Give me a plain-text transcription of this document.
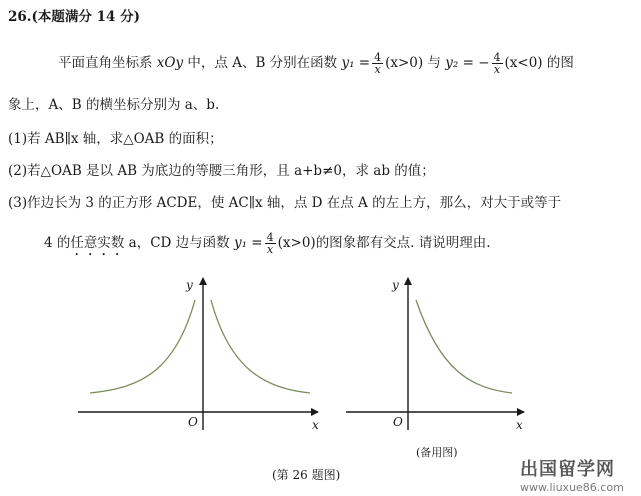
26.(本题满分 14 分)
平面直角坐标系 xOy 中，点 A、B 分别在函数 $y_1 = \frac{4}{x} (x>0)$ 与 y₂ = − $\frac{4}{x} (x<0)$ 的图
象上，A、B 的横坐标分别为 a、b.
(1)若 AB∥x 轴，求△OAB 的面积；
(2)若△OAB 是以 AB 为底边的等腰三角形，且 a+b≠0，求 ab 的值；
(3)作边长为 3 的正方形 ACDE，使 AC∥x 轴，点 D 在点 A 的左上方，那么，对大于或等于
4 的任意实数 a，CD 边与函数 $y_1 = \frac{4}{x} (x>0)$的图象都有交点. 请说明理由.
y
x
O
y
x
O
(备用图)
(第 26 题图)	出国留学网
www.liuxue86.com
